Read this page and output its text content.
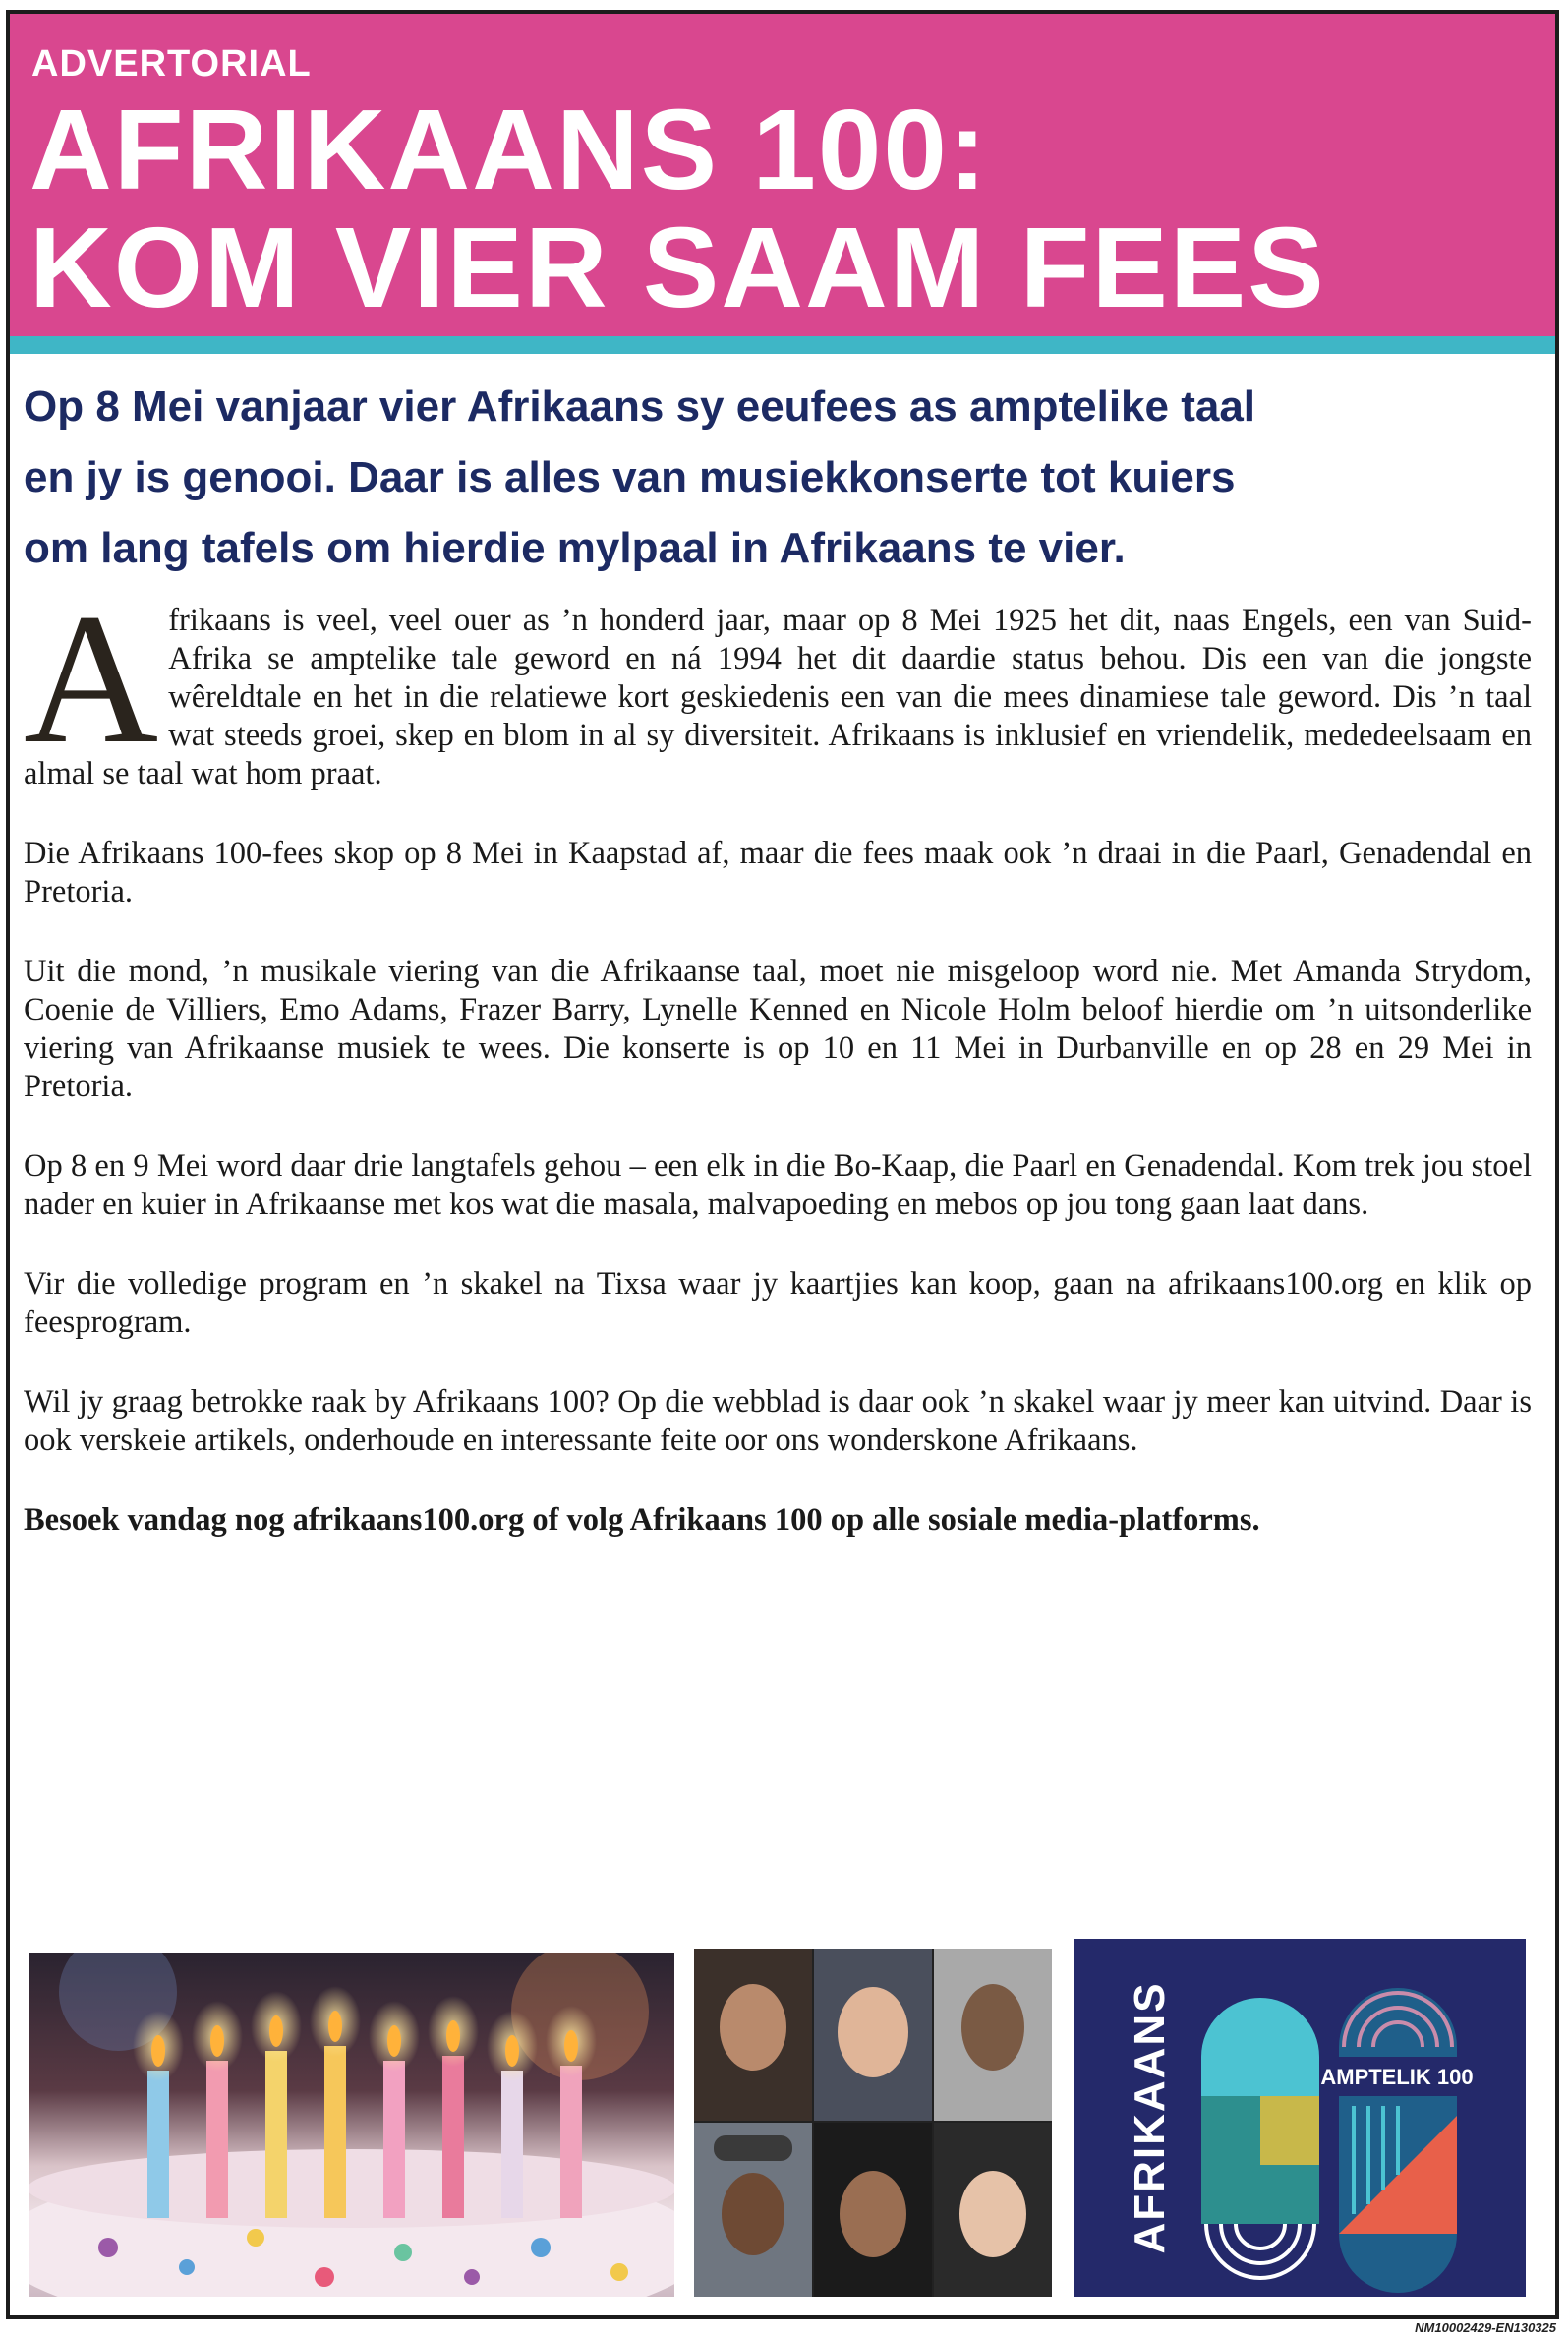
ADVERTORIAL
AFRIKAANS 100:
KOM VIER SAAM FEES
Op 8 Mei vanjaar vier Afrikaans sy eeufees as amptelike taal
en jy is genooi. Daar is alles van musiekkonserte tot kuiers
om lang tafels om hierdie mylpaal in Afrikaans te vier.

Afrikaans is veel, veel ouer as ’n honderd jaar, maar op 8 Mei 1925 het dit, naas Engels, een van Suid-Afrika se amptelike tale geword en ná 1994 het dit daardie status behou. Dis een van die jongste wêreldtale en het in die relatiewe kort geskiedenis een van die mees dinamiese tale geword. Dis ’n taal wat steeds groei, skep en blom in al sy diversiteit. Afrikaans is inklusief en vriendelik, mededeelsaam en almal se taal wat hom praat.

Die Afrikaans 100-fees skop op 8 Mei in Kaapstad af, maar die fees maak ook ’n draai in die Paarl, Genadendal en Pretoria.

Uit die mond, ’n musikale viering van die Afrikaanse taal, moet nie misgeloop word nie. Met Amanda Strydom, Coenie de Villiers, Emo Adams, Frazer Barry, Lynelle Kenned en Nicole Holm beloof hierdie om ’n uitsonderlike viering van Afrikaanse musiek te wees. Die konserte is op 10 en 11 Mei in Durbanville en op 28 en 29 Mei in Pretoria.

Op 8 en 9 Mei word daar drie langtafels gehou – een elk in die Bo-Kaap, die Paarl en Genadendal. Kom trek jou stoel nader en kuier in Afrikaanse met kos wat die masala, malvapoeding en mebos op jou tong gaan laat dans.

Vir die volledige program en ’n skakel na Tixsa waar jy kaartjies kan koop, gaan na afrikaans100.org en klik op feesprogram.

Wil jy graag betrokke raak by Afrikaans 100? Op die webblad is daar ook ’n skakel waar jy meer kan uitvind. Daar is ook verskeie artikels, onderhoude en interessante feite oor ons wonderskone Afrikaans.

Besoek vandag nog afrikaans100.org of volg Afrikaans 100 op alle sosiale media-platforms.

AFRIKAANS	AMPTELIK 100
NM10002429-EN130325
